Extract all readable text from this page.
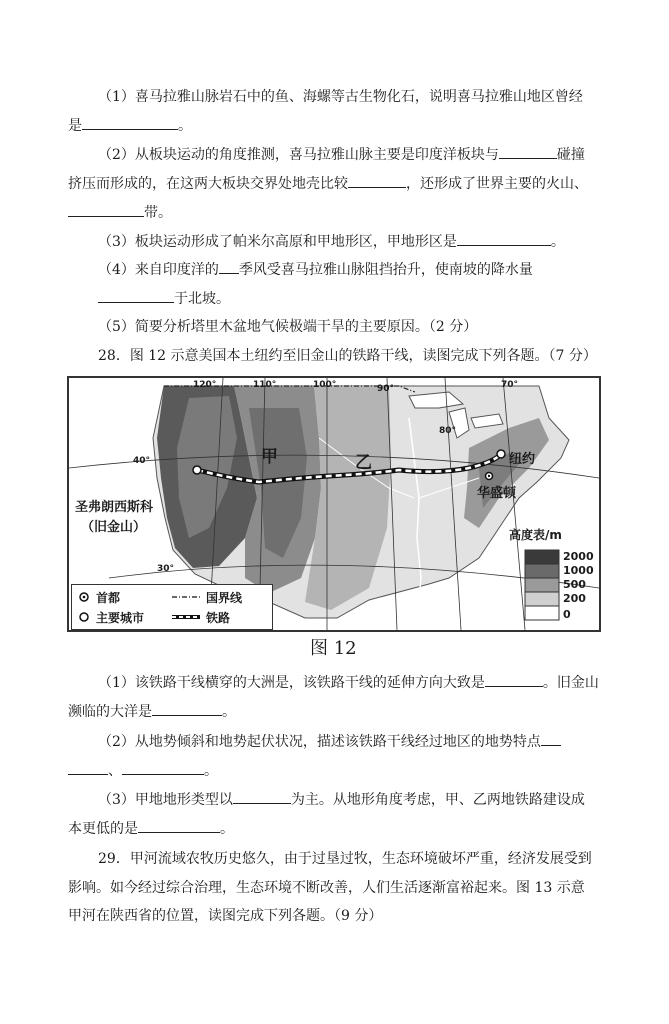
（1）喜马拉雅山脉岩石中的鱼、海螺等古生物化石，说明喜马拉雅山地区曾经
是	。
（2）从板块运动的角度推测，喜马拉雅山脉主要是印度洋板块与	碰撞
挤压而形成的，在这两大板块交界处地壳比较	，还形成了世界主要的火山、
带。
（3）板块运动形成了帕米尔高原和甲地形区，甲地形区是	。
（4）来自印度洋的 季风受喜马拉雅山脉阻挡抬升，使南坡的降水量
于北坡。
（5）简要分析塔里木盆地气候极端干旱的主要原因。（2 分）
28．图 12 示意美国本土纽约至旧金山的铁路干线，读图完成下列各题。（7 分）
120°	110°	100°	90°
80°
70°
40°
30°
甲	乙	纽约
华盛顿
圣弗朗西斯科
（旧金山）	高度表/m
2000
1000
500
200
0
首都
主要城市
国界线
铁路
图 12
（1）该铁路干线横穿的大洲是，该铁路干线的延伸方向大致是	。旧金山
濒临的大洋是	。
（2）从地势倾斜和地势起伏状况，描述该铁路干线经过地区的地势特点
、	。
（3）甲地地形类型以	为主。从地形角度考虑，甲、乙两地铁路建设成
本更低的是	。
29．甲河流域农牧历史悠久，由于过垦过牧，生态环境破坏严重，经济发展受到
影响。如今经过综合治理，生态环境不断改善，人们生活逐渐富裕起来。图 13 示意
甲河在陕西省的位置，读图完成下列各题。（9 分）
